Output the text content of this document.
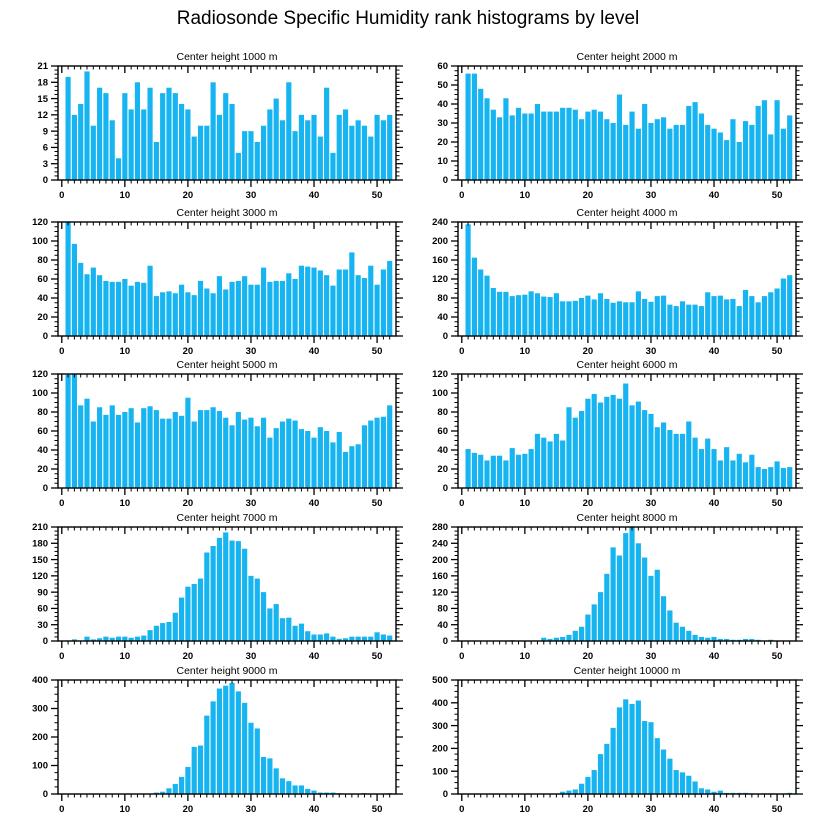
Radiosonde Specific Humidity rank histograms by level
Center height 1000 m
0
3
6
9
12
15
18
21
0	10	20	30	40	50
Center height 2000 m
0
10
20
30
40
50
60
0	10	20	30	40	50
Center height 3000 m
0
20
40
60
80
100
120
0	10	20	30	40	50
Center height 4000 m
0
40
80
120
160
200
240
0	10	20	30	40	50
Center height 5000 m
0
20
40
60
80
100
120
0	10	20	30	40	50
Center height 6000 m
0
20
40
60
80
100
120
0	10	20	30	40	50
Center height 7000 m
0
30
60
90
120
150
180
210
0	10	20	30	40	50
Center height 8000 m
0
40
80
120
160
200
240
280
0	10	20	30	40	50
Center height 9000 m
0
100
200
300
400
0	10	20	30	40	50
Center height 10000 m
0
100
200
300
400
500
0	10	20	30	40	50
